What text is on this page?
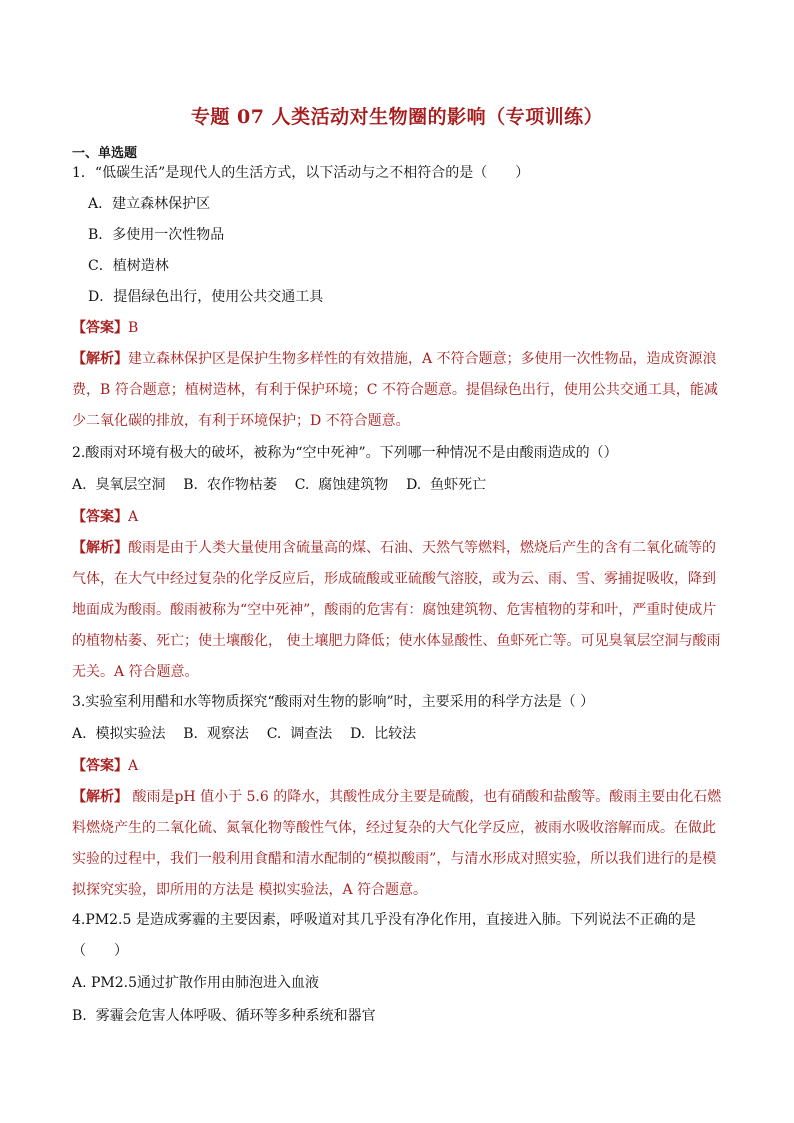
专题 07 人类活动对生物圈的影响（专项训练）
一、单选题
1．“低碳生活”是现代人的生活方式，以下活动与之不相符合的是（　　）
A．建立森林保护区
B．多使用一次性物品
C．植树造林
D．提倡绿色出行，使用公共交通工具
【答案】B
【解析】建立森林保护区是保护生物多样性的有效措施，A 不符合题意；多使用一次性物品，造成资源浪费，B 符合题意；植树造林，有利于保护环境；C 不符合题意。提倡绿色出行，使用公共交通工具，能减少二氧化碳的排放，有利于环境保护；D 不符合题意。
2.酸雨对环境有极大的破坏，被称为“空中死神”。下列哪一种情况不是由酸雨造成的（）
A.  臭氧层空洞    B.  农作物枯萎    C.  腐蚀建筑物    D.  鱼虾死亡
【答案】A
【解析】酸雨是由于人类大量使用含硫量高的煤、石油、天然气等燃料，燃烧后产生的含有二氧化硫等的气体，在大气中经过复杂的化学反应后，形成硫酸或亚硫酸气溶胶，或为云、雨、雪、雾捕捉吸收，降到地面成为酸雨。酸雨被称为“空中死神”，酸雨的危害有：腐蚀建筑物、危害植物的芽和叶，严重时使成片的植物枯萎、死亡；使土壤酸化， 使土壤肥力降低；使水体显酸性、鱼虾死亡等。可见臭氧层空洞与酸雨无关。A 符合题意。
3.实验室利用醋和水等物质探究“酸雨对生物的影响”时，主要采用的科学方法是（ ）
A.  模拟实验法    B.  观察法    C.  调查法    D.  比较法
【答案】A
【解析】 酸雨是pH 值小于 5.6 的降水，其酸性成分主要是硫酸，也有硝酸和盐酸等。酸雨主要由化石燃料燃烧产生的二氧化硫、氮氧化物等酸性气体，经过复杂的大气化学反应，被雨水吸收溶解而成。在做此实验的过程中，我们一般利用食醋和清水配制的“模拟酸雨”，与清水形成对照实验，所以我们进行的是模拟探究实验，即所用的方法是 模拟实验法，A 符合题意。
4.PM2.5 是造成雾霾的主要因素，呼吸道对其几乎没有净化作用，直接进入肺。下列说法不正确的是
（　　）
A. PM2.5通过扩散作用由肺泡进入血液
B.  雾霾会危害人体呼吸、循环等多种系统和器官
